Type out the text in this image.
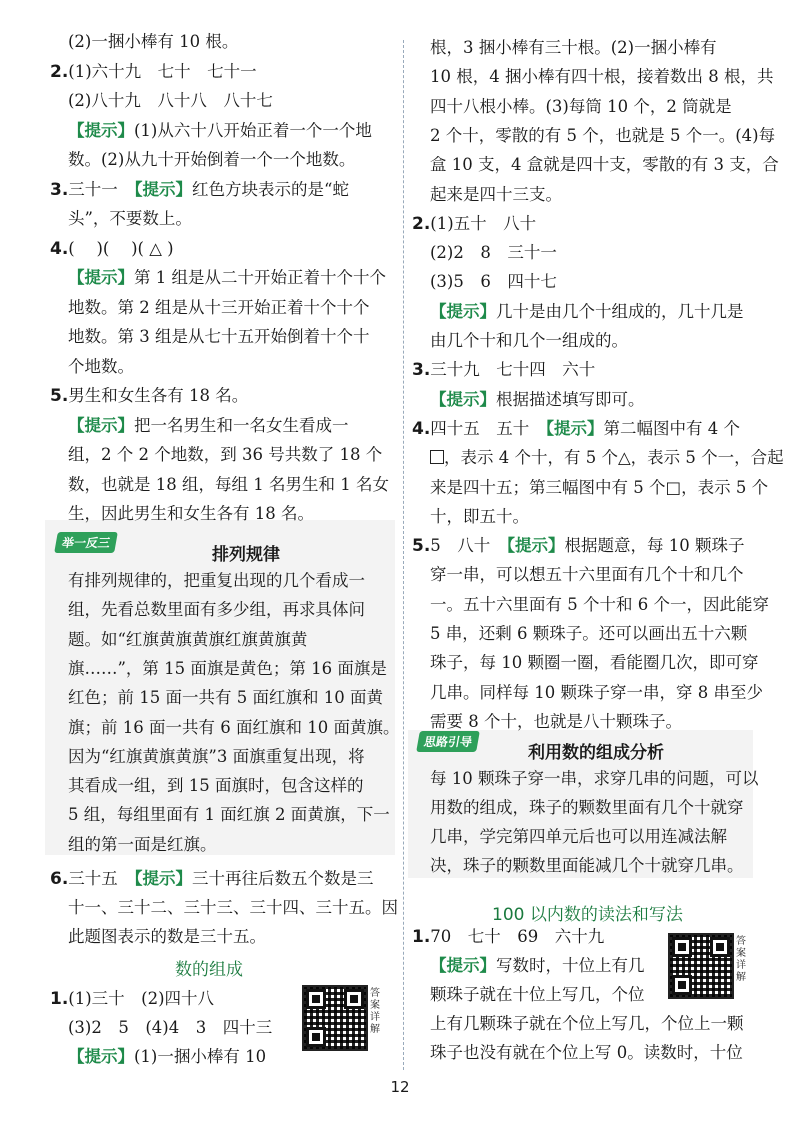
(2)一捆小棒有 10 根。
2.(1)六十九　七十　七十一
(2)八十九　八十八　八十七
【提示】(1)从六十八开始正着一个一个地
数。(2)从九十开始倒着一个一个地数。
3.三十一　【提示】红色方块表示的是“蛇
头”，不要数上。
4.(　 )(　 )( △ )
【提示】第 1 组是从二十开始正着十个十个
地数。第 2 组是从十三开始正着十个十个
地数。第 3 组是从七十五开始倒着十个十
个地数。
5.男生和女生各有 18 名。
【提示】把一名男生和一名女生看成一
组，2 个 2 个地数，到 36 号共数了 18 个
数，也就是 18 组，每组 1 名男生和 1 名女
生，因此男生和女生各有 18 名。
举一反三
排列规律
有排列规律的，把重复出现的几个看成一
组，先看总数里面有多少组，再求具体问
题。如“红旗黄旗黄旗红旗黄旗黄
旗……”，第 15 面旗是黄色；第 16 面旗是
红色；前 15 面一共有 5 面红旗和 10 面黄
旗；前 16 面一共有 6 面红旗和 10 面黄旗。
因为“红旗黄旗黄旗”3 面旗重复出现，将
其看成一组，到 15 面旗时，包含这样的
5 组，每组里面有 1 面红旗 2 面黄旗，下一
组的第一面是红旗。
6.三十五　【提示】三十再往后数五个数是三
十一、三十二、三十三、三十四、三十五。因
此题图表示的数是三十五。
数的组成
1.(1)三十　(2)四十八
(3)2　5　(4)4　3　四十三
【提示】(1)一捆小棒有 10
答案详解
根，3 捆小棒有三十根。(2)一捆小棒有
10 根，4 捆小棒有四十根，接着数出 8 根，共
四十八根小棒。(3)每筒 10 个，2 筒就是
2 个十，零散的有 5 个，也就是 5 个一。(4)每
盒 10 支，4 盒就是四十支，零散的有 3 支，合
起来是四十三支。
2.(1)五十　八十
(2)2　8　三十一
(3)5　6　四十七
【提示】几十是由几个十组成的，几十几是
由几个十和几个一组成的。
3.三十九　七十四　六十
【提示】根据描述填写即可。
4.四十五　五十　【提示】第二幅图中有 4 个
，表示 4 个十，有 5 个△，表示 5 个一，合起
来是四十五；第三幅图中有 5 个□，表示 5 个
十，即五十。
5.5　八十　【提示】根据题意，每 10 颗珠子
穿一串，可以想五十六里面有几个十和几个
一。五十六里面有 5 个十和 6 个一，因此能穿
5 串，还剩 6 颗珠子。还可以画出五十六颗
珠子，每 10 颗圈一圈，看能圈几次，即可穿
几串。同样每 10 颗珠子穿一串，穿 8 串至少
需要 8 个十，也就是八十颗珠子。
思路引导
利用数的组成分析
每 10 颗珠子穿一串，求穿几串的问题，可以
用数的组成，珠子的颗数里面有几个十就穿
几串，学完第四单元后也可以用连减法解
决，珠子的颗数里面能减几个十就穿几串。
100 以内数的读法和写法
1.70　七十　69　六十九
【提示】写数时，十位上有几
颗珠子就在十位上写几，个位
上有几颗珠子就在个位上写几，个位上一颗
珠子也没有就在个位上写 0。读数时，十位
答案详解
12
